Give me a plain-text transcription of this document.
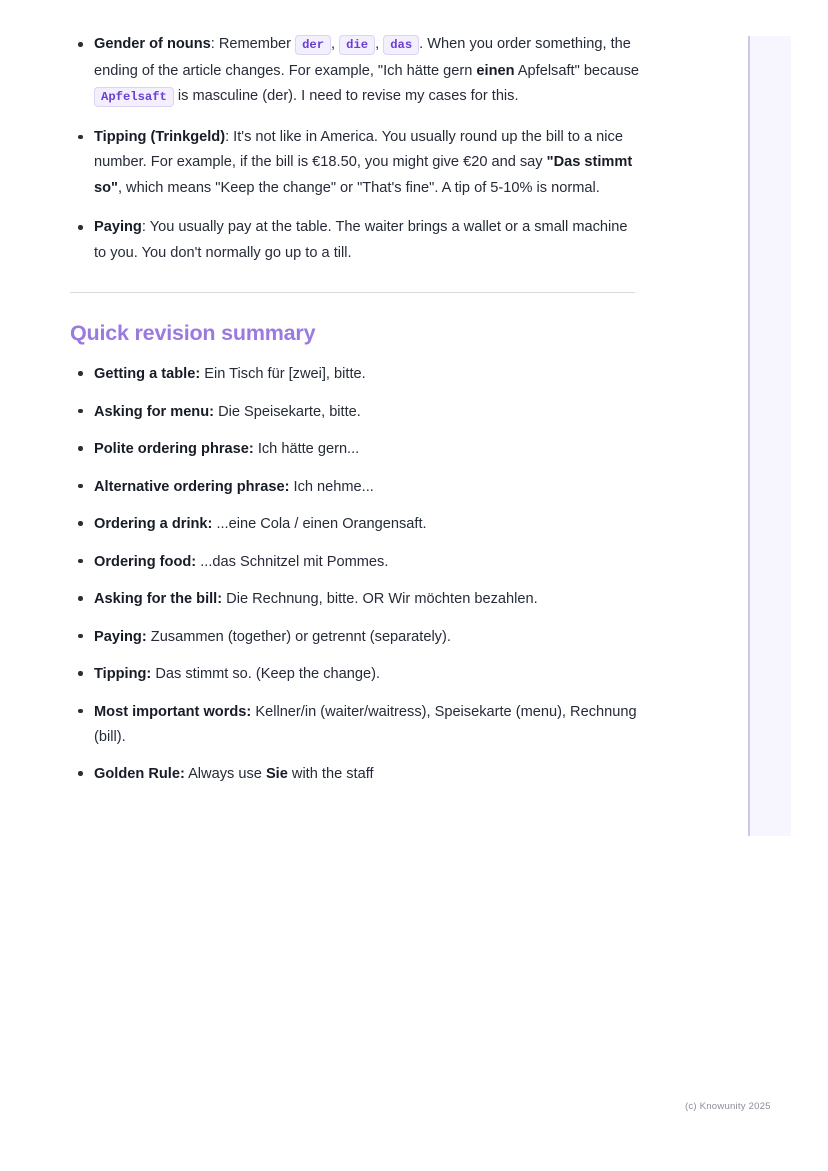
Gender of nouns: Remember der , die , das . When you order something, the ending of the article changes. For example, "Ich hätte gern einen Apfelsaft" because Apfelsaft is masculine (der). I need to revise my cases for this.
Tipping (Trinkgeld): It's not like in America. You usually round up the bill to a nice number. For example, if the bill is €18.50, you might give €20 and say "Das stimmt so", which means "Keep the change" or "That's fine". A tip of 5-10% is normal.
Paying: You usually pay at the table. The waiter brings a wallet or a small machine to you. You don't normally go up to a till.
Quick revision summary
Getting a table: Ein Tisch für [zwei], bitte.
Asking for menu: Die Speisekarte, bitte.
Polite ordering phrase: Ich hätte gern...
Alternative ordering phrase: Ich nehme...
Ordering a drink: ...eine Cola / einen Orangensaft.
Ordering food: ...das Schnitzel mit Pommes.
Asking for the bill: Die Rechnung, bitte. OR Wir möchten bezahlen.
Paying: Zusammen (together) or getrennt (separately).
Tipping: Das stimmt so. (Keep the change).
Most important words: Kellner/in (waiter/waitress), Speisekarte (menu), Rechnung (bill).
Golden Rule: Always use Sie with the staff
(c) Knowunity 2025
